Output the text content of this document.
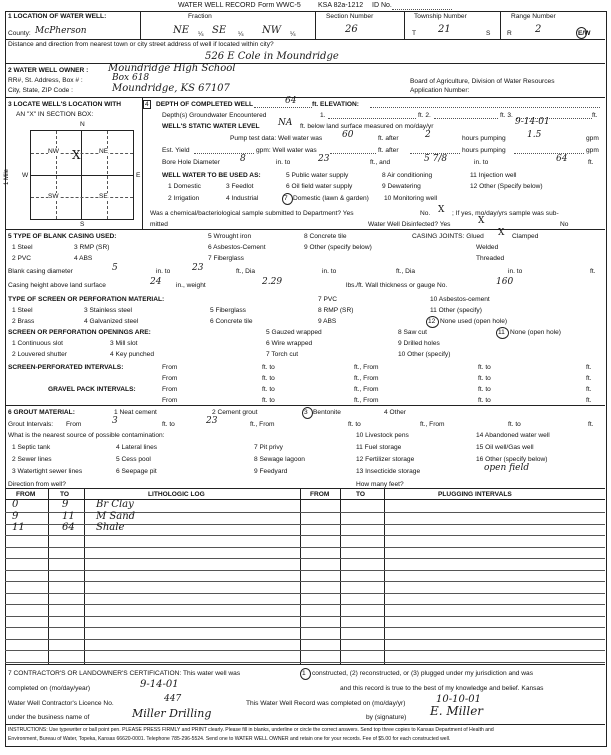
WATER WELL RECORD Form WWC-5 KSA 82a-1212 ID No.
1 LOCATION OF WATER WELL:	Fraction	Section Number	Township Number	Range Number
County: McPherson	NE ¼ SE ¼ NW ¼	26	T 21	S	R 2	E/W
Distance and direction from nearest town or city street address of well if located within city?
526 E Cole in Moundridge
2 WATER WELL OWNER : Moundridge High School
RR#, St. Address, Box # :	Box 618
City, State, ZIP Code :	Moundridge, KS 67107
Board of Agriculture, Division of Water Resources
Application Number:
3 LOCATE WELL'S LOCATION WITH
AN "X" IN SECTION BOX:
N
S
W	E
1 Mile
NW	NE
SW	SE
X
4	DEPTH OF COMPLETED WELL	64 ft. ELEVATION:
Depth(s) Groundwater Encountered	1.	ft. 2.	ft. 3.	ft.
WELL'S STATIC WATER LEVEL NA ft. below land surface measured on mo/day/yr	9-14-01
Pump test data: Well water was 60	ft. after	2	hours pumping 1.5	gpm
Est. Yield	gpm: Well water was	ft. after	hours pumping	gpm
Bore Hole Diameter 8	in. to	23	ft., and	5 7/8	in. to	64	ft.
WELL WATER TO BE USED AS:	5 Public water supply	8 Air conditioning	11 Injection well
1 Domestic	3 Feedlot	6 Oil field water supply	9 Dewatering	12 Other (Specify below)
2 Irrigation	4 Industrial	7 Domestic (lawn & garden) 10 Monitoring well
Was a chemical/bacteriological sample submitted to Department? Yes	No. X ; If yes, mo/day/yrs sample was sub-
mitted	Water Well Disinfected? Yes	X	No
5 TYPE OF BLANK CASING USED:	5 Wrought iron	8 Concrete tile
1 Steel	3 RMP (SR)	6 Asbestos-Cement	9 Other (specify below)
2 PVC	4 ABS	7 Fiberglass
CASING JOINTS: Glued X Clamped
Welded
Threaded
Blank casing diameter	5	in. to 23	ft., Dia	in. to	ft., Dia	in. to	ft.
Casing height above land surface	24 in., weight	2.29	lbs./ft. Wall thickness or gauge No.	160
TYPE OF SCREEN OR PERFORATION MATERIAL:	7 PVC	10 Asbestos-cement
1 Steel	3 Stainless steel	5 Fiberglass	8 RMP (SR)	11 Other (specify)
2 Brass	4 Galvanized steel	6 Concrete tile	9 ABS	12 None used (open hole)
SCREEN OR PERFORATION OPENINGS ARE:	5 Gauzed wrapped	8 Saw cut	11 None (open hole)
1 Continuous slot	3 Mill slot	6 Wire wrapped	9 Drilled holes
2 Louvered shutter	4 Key punched	7 Torch cut	10 Other (specify)
SCREEN-PERFORATED INTERVALS:	From	ft. to	ft., From	ft. to	ft.
From	ft. to	ft., From	ft. to	ft.
GRAVEL PACK INTERVALS:	From	ft. to	ft., From	ft. to	ft.
From	ft. to	ft., From	ft. to	ft.
6 GROUT MATERIAL:	1 Neat cement	2 Cement grout	3 Bentonite	4 Other
Grout Intervals: From	3	ft. to	23	ft., From	ft. to	ft., From	ft. to	ft.
What is the nearest source of possible contamination:	10 Livestock pens	14 Abandoned water well
1 Septic tank	4 Lateral lines	7 Pit privy	11 Fuel storage	15 Oil well/Gas well
2 Sewer lines	5 Cess pool	8 Sewage lagoon	12 Fertilizer storage	16 Other (specify below)
3 Watertight sewer lines	6 Seepage pit	9 Feedyard	13 Insecticide storage	open field
Direction from well?	How many feet?
FROM	TO	LITHOLOGIC LOG	FROM	TO	PLUGGING INTERVALS
0	9	Br Clay
9	11 M Sand
11	64 Shale
7 CONTRACTOR'S OR LANDOWNER'S CERTIFICATION: This water well was	1 constructed, (2) reconstructed, or (3) plugged under my jurisdiction and was
completed on (mo/day/year)	9-14-01	and this record is true to the best of my knowledge and belief. Kansas
Water Well Contractor's Licence No.	447	This Water Well Record was completed on (mo/day/yr)	10-10-01
under the business name of	Miller Drilling	by (signature) E. Miller
INSTRUCTIONS: Use typewriter or ball point pen. PLEASE PRESS FIRMLY and PRINT clearly. Please fill in blanks, underline or circle the correct answers. Send top three copies to Kansas Department of Health and
Environment, Bureau of Water, Topeka, Kansas 66620-0001. Telephone 785-296-5524. Send one to WATER WELL OWNER and retain one for your records. Fee of $5.00 for each constructed well.
